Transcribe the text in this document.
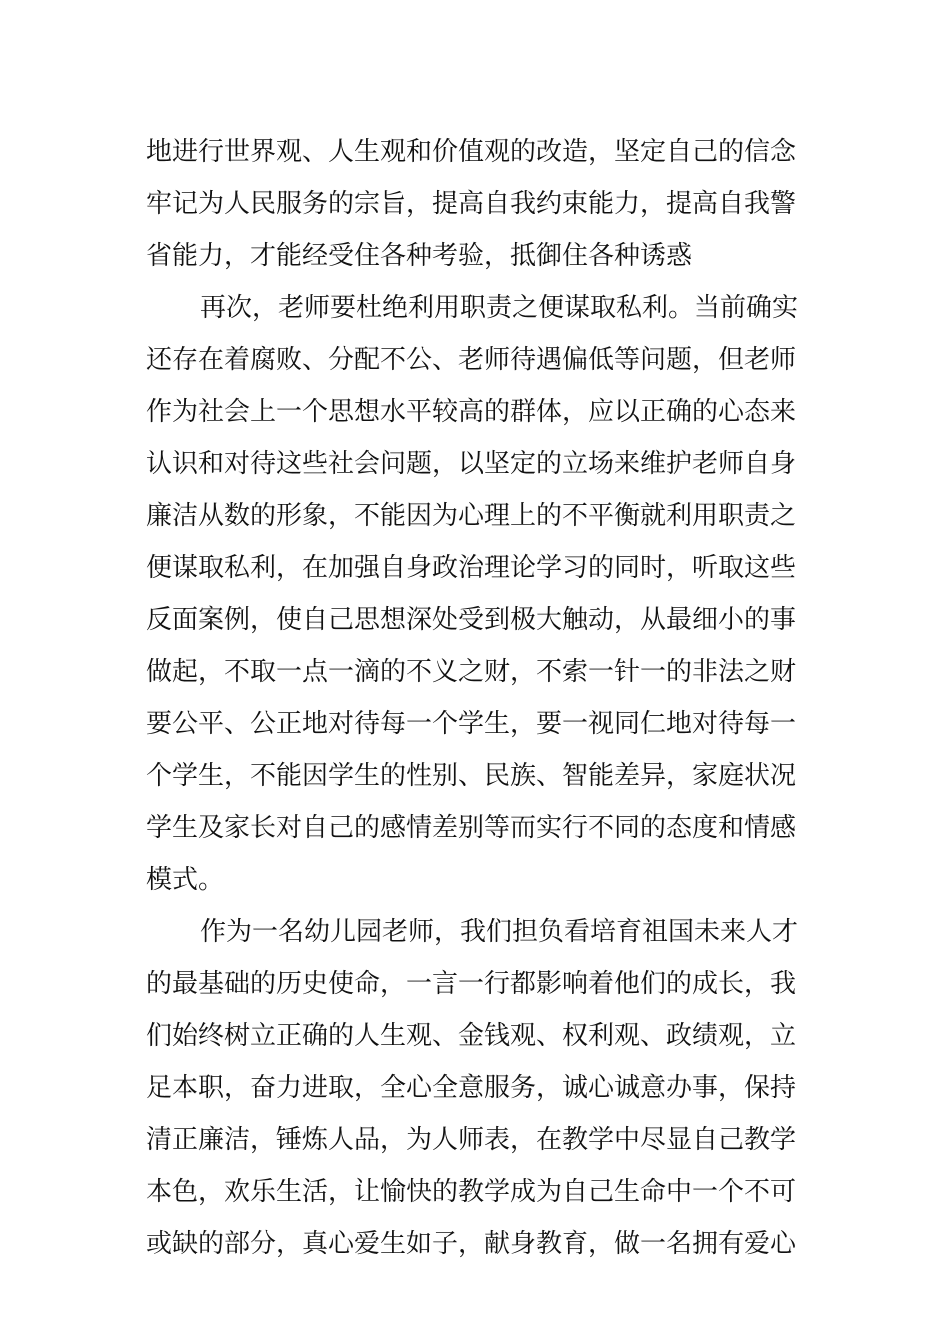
地进行世界观、人生观和价值观的改造，坚定自己的信念
牢记为人民服务的宗旨，提高自我约束能力，提高自我警
省能力，才能经受住各种考验，抵御住各种诱惑
再次，老师要杜绝利用职责之便谋取私利。当前确实
还存在着腐败、分配不公、老师待遇偏低等问题，但老师
作为社会上一个思想水平较高的群体，应以正确的心态来
认识和对待这些社会问题，以坚定的立场来维护老师自身
廉洁从数的形象，不能因为心理上的不平衡就利用职责之
便谋取私利，在加强自身政治理论学习的同时，听取这些
反面案例，使自己思想深处受到极大触动，从最细小的事
做起，不取一点一滴的不义之财，不索一针一的非法之财
要公平、公正地对待每一个学生，要一视同仁地对待每一
个学生，不能因学生的性别、民族、智能差异，家庭状况
学生及家长对自己的感情差别等而实行不同的态度和情感
模式。
作为一名幼儿园老师，我们担负看培育祖国未来人才
的最基础的历史使命，一言一行都影响着他们的成长，我
们始终树立正确的人生观、金钱观、权利观、政绩观，立
足本职，奋力进取，全心全意服务，诚心诚意办事，保持
清正廉洁，锤炼人品，为人师表，在教学中尽显自己教学
本色，欢乐生活，让愉快的教学成为自己生命中一个不可
或缺的部分，真心爱生如子，献身教育，做一名拥有爱心
